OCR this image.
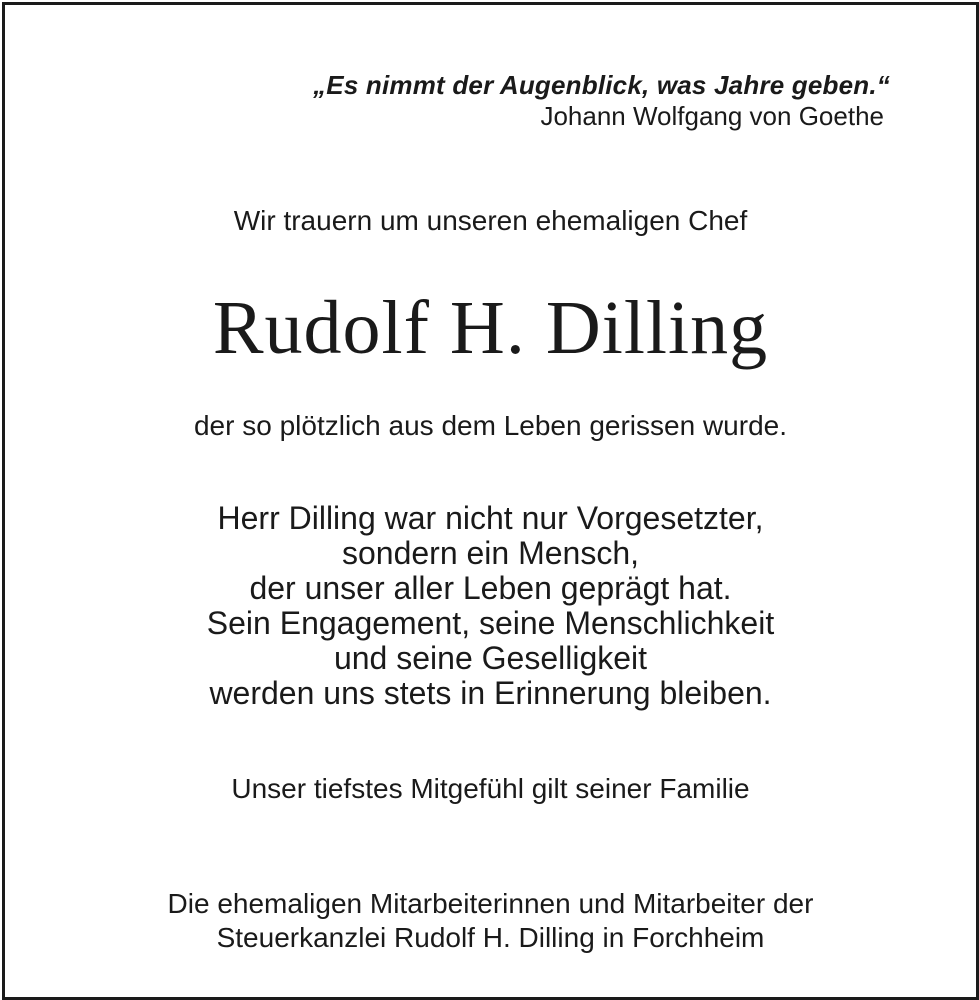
„Es nimmt der Augenblick, was Jahre geben.“
Johann Wolfgang von Goethe
Wir trauern um unseren ehemaligen Chef
Rudolf H. Dilling
der so plötzlich aus dem Leben gerissen wurde.
Herr Dilling war nicht nur Vorgesetzter,
sondern ein Mensch,
der unser aller Leben geprägt hat.
Sein Engagement, seine Menschlichkeit
und seine Geselligkeit
werden uns stets in Erinnerung bleiben.
Unser tiefstes Mitgefühl gilt seiner Familie
Die ehemaligen Mitarbeiterinnen und Mitarbeiter der
Steuerkanzlei Rudolf H. Dilling in Forchheim
